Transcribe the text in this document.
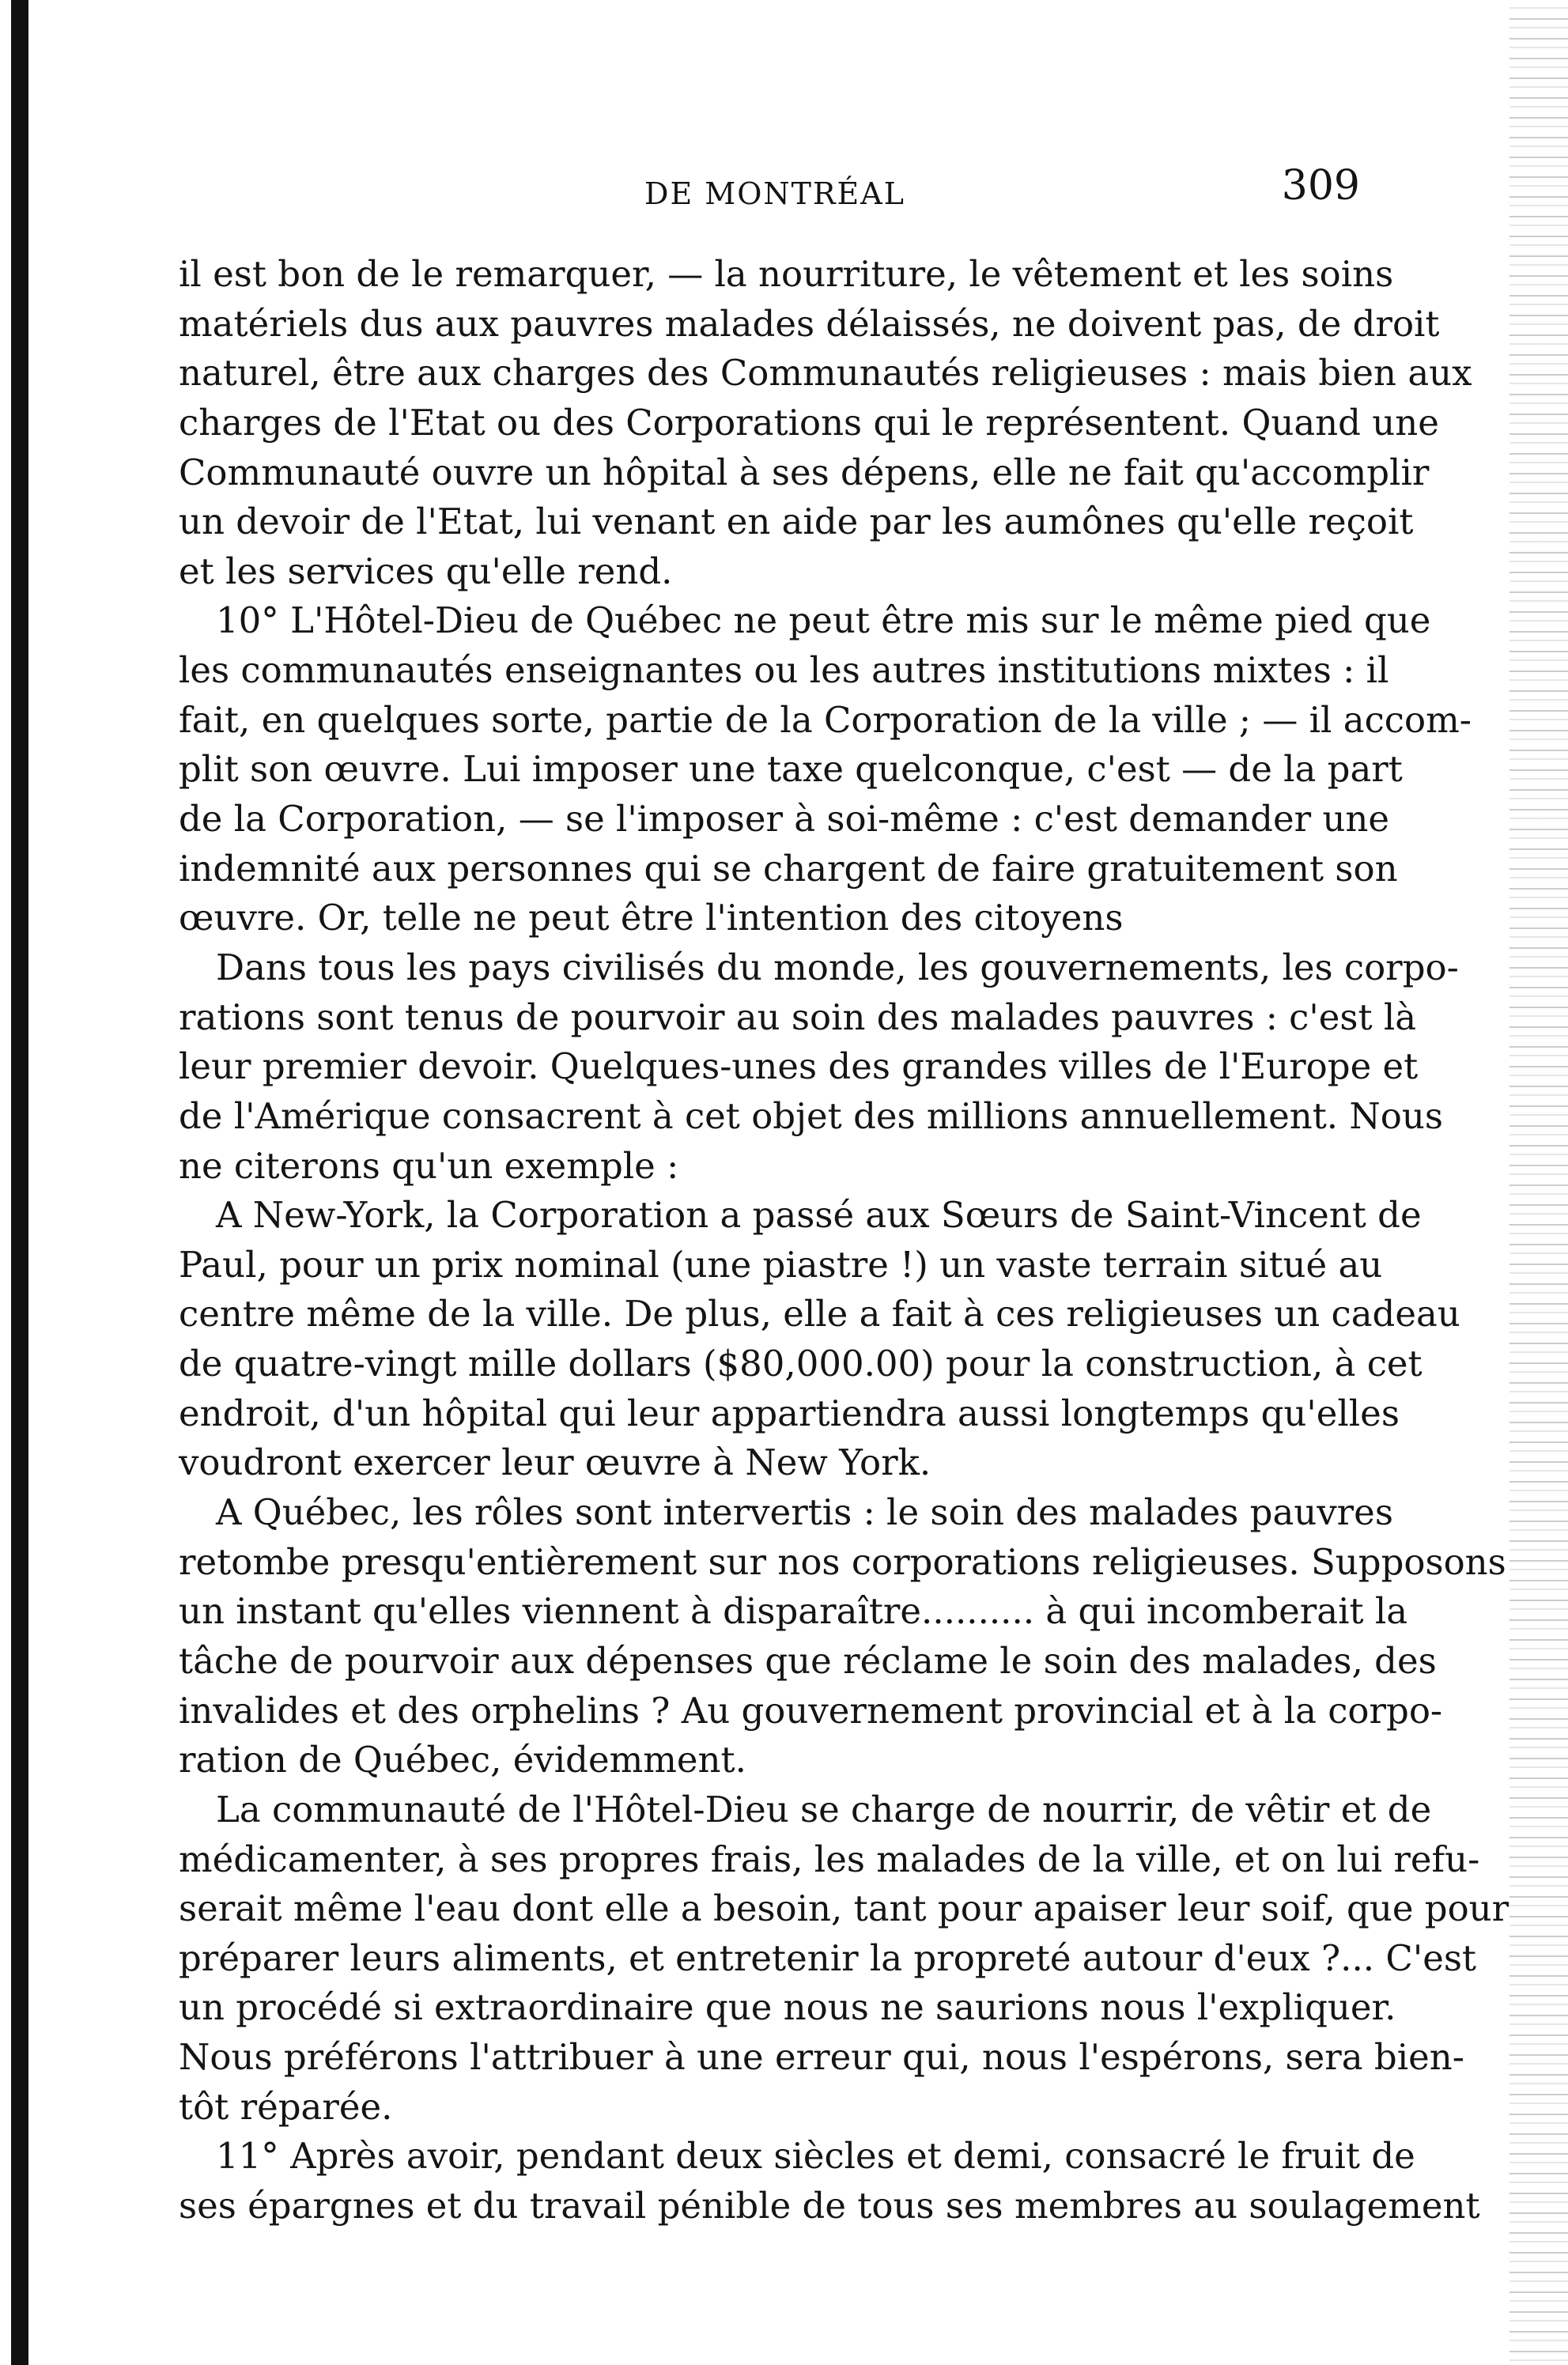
DE MONTRÉAL	309
il est bon de le remarquer, — la nourriture, le vêtement et les soins
matériels dus aux pauvres malades délaissés, ne doivent pas, de droit
naturel, être aux charges des Communautés religieuses : mais bien aux
charges de l'Etat ou des Corporations qui le représentent. Quand une
Communauté ouvre un hôpital à ses dépens, elle ne fait qu'accomplir
un devoir de l'Etat, lui venant en aide par les aumônes qu'elle reçoit
et les services qu'elle rend.
10° L'Hôtel-Dieu de Québec ne peut être mis sur le même pied que
les communautés enseignantes ou les autres institutions mixtes : il
fait, en quelques sorte, partie de la Corporation de la ville ; — il accom-
plit son œuvre. Lui imposer une taxe quelconque, c'est — de la part
de la Corporation, — se l'imposer à soi-même : c'est demander une
indemnité aux personnes qui se chargent de faire gratuitement son
œuvre. Or, telle ne peut être l'intention des citoyens
Dans tous les pays civilisés du monde, les gouvernements, les corpo-
rations sont tenus de pourvoir au soin des malades pauvres : c'est là
leur premier devoir. Quelques-unes des grandes villes de l'Europe et
de l'Amérique consacrent à cet objet des millions annuellement. Nous
ne citerons qu'un exemple :
A New-York, la Corporation a passé aux Sœurs de Saint-Vincent de
Paul, pour un prix nominal (une piastre !) un vaste terrain situé au
centre même de la ville. De plus, elle a fait à ces religieuses un cadeau
de quatre-vingt mille dollars ($80,000.00) pour la construction, à cet
endroit, d'un hôpital qui leur appartiendra aussi longtemps qu'elles
voudront exercer leur œuvre à New York.
A Québec, les rôles sont intervertis : le soin des malades pauvres
retombe presqu'entièrement sur nos corporations religieuses. Supposons
un instant qu'elles viennent à disparaître.......... à qui incomberait la
tâche de pourvoir aux dépenses que réclame le soin des malades, des
invalides et des orphelins ? Au gouvernement provincial et à la corpo-
ration de Québec, évidemment.
La communauté de l'Hôtel-Dieu se charge de nourrir, de vêtir et de
médicamenter, à ses propres frais, les malades de la ville, et on lui refu-
serait même l'eau dont elle a besoin, tant pour apaiser leur soif, que pour
préparer leurs aliments, et entretenir la propreté autour d'eux ?... C'est
un procédé si extraordinaire que nous ne saurions nous l'expliquer.
Nous préférons l'attribuer à une erreur qui, nous l'espérons, sera bien-
tôt réparée.
11° Après avoir, pendant deux siècles et demi, consacré le fruit de
ses épargnes et du travail pénible de tous ses membres au soulagement
